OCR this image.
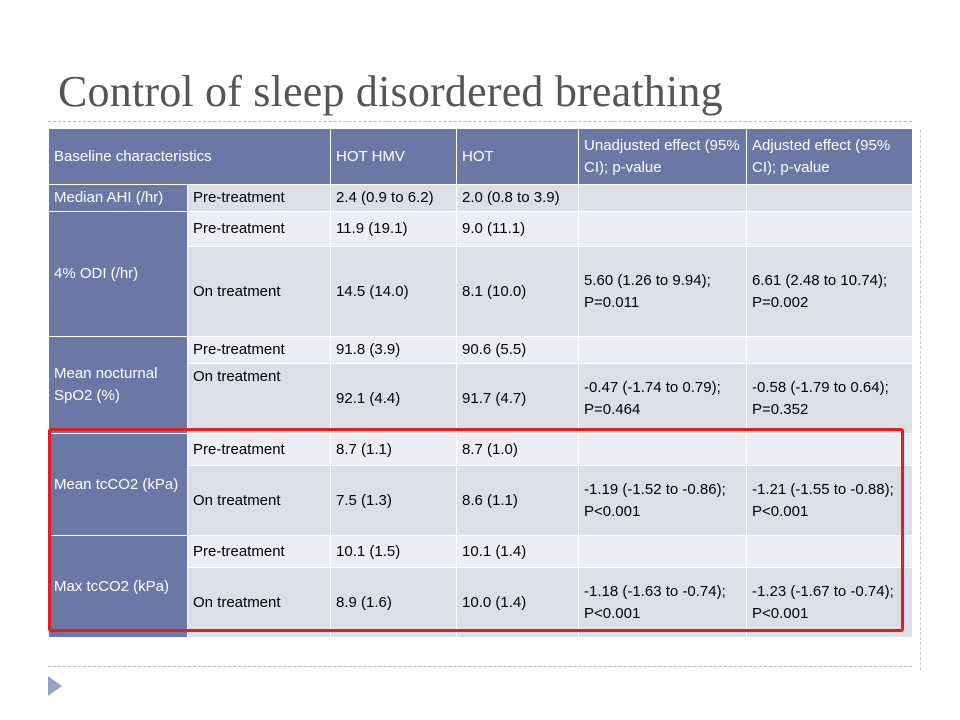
Control of sleep disordered breathing
Baseline characteristics		HOT HMV	HOT	Unadjusted effect (95% CI); p-value	Adjusted effect (95% CI); p-value
Median AHI (/hr)	Pre-treatment	2.4 (0.9 to 6.2)	2.0 (0.8 to 3.9)		
4% ODI (/hr)	Pre-treatment	11.9 (19.1)	9.0 (11.1)		
	On treatment	14.5 (14.0)	8.1 (10.0)	5.60 (1.26 to 9.94); P=0.011	6.61 (2.48 to 10.74); P=0.002
Mean nocturnal SpO2 (%)	Pre-treatment	91.8 (3.9)	90.6 (5.5)		
	On treatment	92.1 (4.4)	91.7 (4.7)	-0.47 (-1.74 to 0.79); P=0.464	-0.58 (-1.79 to 0.64); P=0.352
Mean tcCO2 (kPa)	Pre-treatment	8.7 (1.1)	8.7 (1.0)		
	On treatment	7.5 (1.3)	8.6 (1.1)	-1.19 (-1.52 to -0.86); P<0.001	-1.21 (-1.55 to -0.88); P<0.001
Max tcCO2 (kPa)	Pre-treatment	10.1 (1.5)	10.1 (1.4)		
	On treatment	8.9 (1.6)	10.0 (1.4)	-1.18 (-1.63 to -0.74); P<0.001	-1.23 (-1.67 to -0.74); P<0.001
